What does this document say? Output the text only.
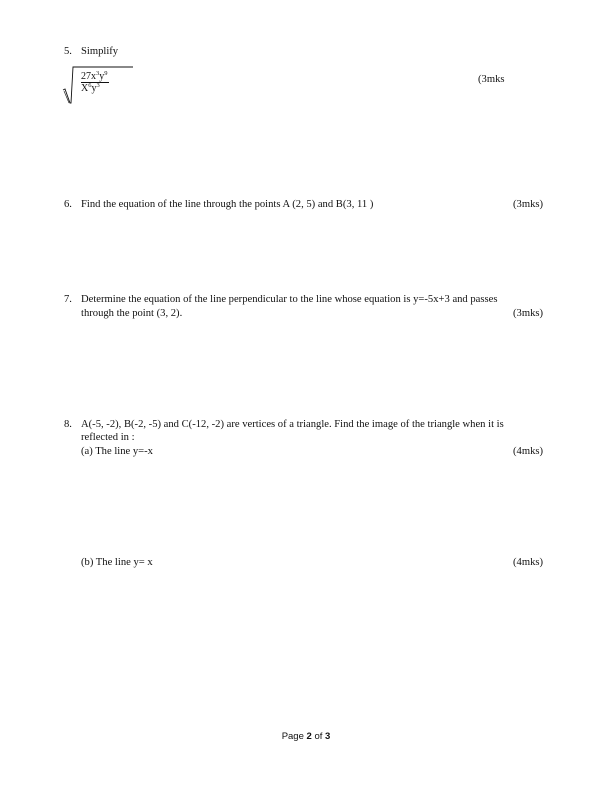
5. Simplify
$\frac{27x^3y^9}{X^6y^3}$	(3mks
6. Find the equation of the line through the points A (2, 5) and B(3, 11 )	(3mks)
7. Determine the equation of the line perpendicular to the line whose equation is y=-5x+3 and passes
through the point (3, 2).	(3mks)
8. A(-5, -2), B(-2, -5) and C(-12, -2) are vertices of a triangle. Find the image of the triangle when it is
reflected in :
(a) The line y=-x	(4mks)
(b) The line y= x	(4mks)
Page 2 of 3
